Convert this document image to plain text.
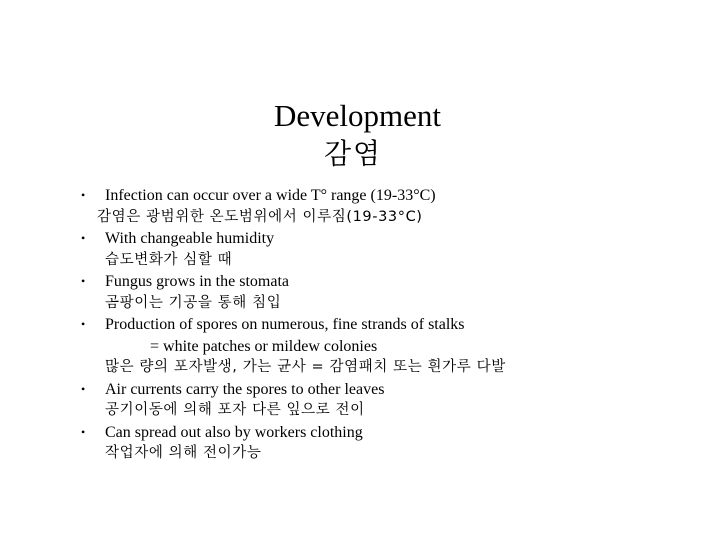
Development
감염
• Infection can occur over a wide T° range (19-33°C)
감염은 광범위한 온도범위에서 이루짐(19-33°C)
• With changeable humidity
습도변화가 심할 때
• Fungus grows in the stomata
곰팡이는 기공을 통해 침입
• Production of spores on numerous, fine strands of stalks
= white patches or mildew colonies
많은 량의 포자발생, 가는 균사 = 감염패치 또는 흰가루 다발
• Air currents carry the spores to other leaves
공기이동에 의해 포자 다른 잎으로 전이
• Can spread out also by workers clothing
작업자에 의해 전이가능
